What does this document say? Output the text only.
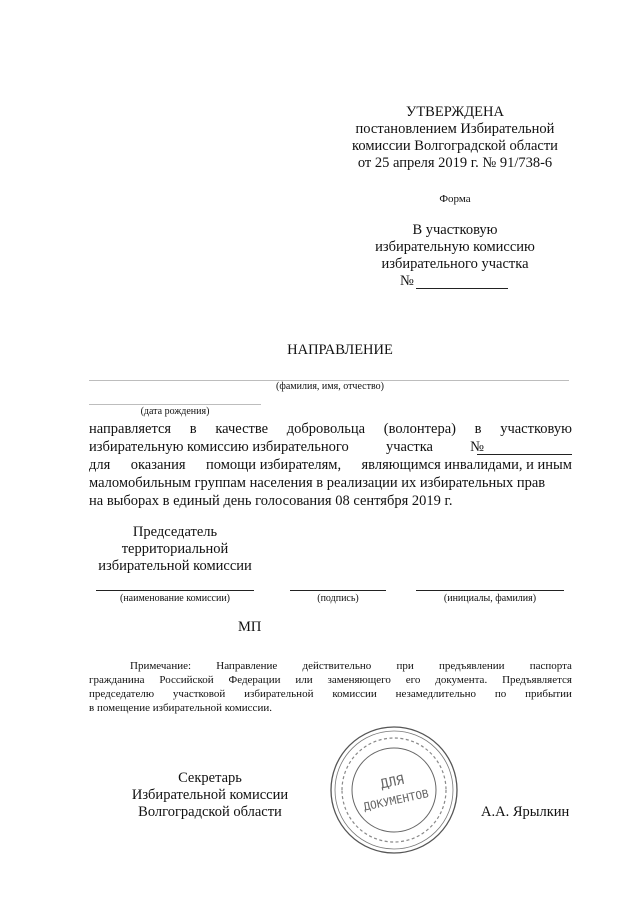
УТВЕРЖДЕНА
постановлением Избирательной
комиссии Волгоградской области
от 25 апреля 2019 г. № 91/738-6
Форма
В участковую
избирательную комиссию
избирательного участка
№
НАПРАВЛЕНИЕ
(фамилия, имя, отчество)
(дата рождения)
направляется в качестве добровольца (волонтера) в участковую
избирательную комиссию избирательного	участка	№
для оказания помощи избирателям, являющимся инвалидами, и иным
маломобильным группам населения в реализации их избирательных прав
на выборах в единый день голосования 08 сентября 2019 г.
Председатель
территориальной
избирательной комиссии
(наименование комиссии)	(подпись)	(инициалы, фамилия)
МП
Примечание: Направление действительно при предъявлении паспорта
гражданина Российской Федерации или заменяющего его документа. Предъявляется
председателю участковой избирательной комиссии незамедлительно по прибытии
в помещение избирательной комиссии.
Секретарь
Избирательной комиссии
Волгоградской области	А.А. Ярылкин
ДЛЯ
ДОКУМЕНТОВ
